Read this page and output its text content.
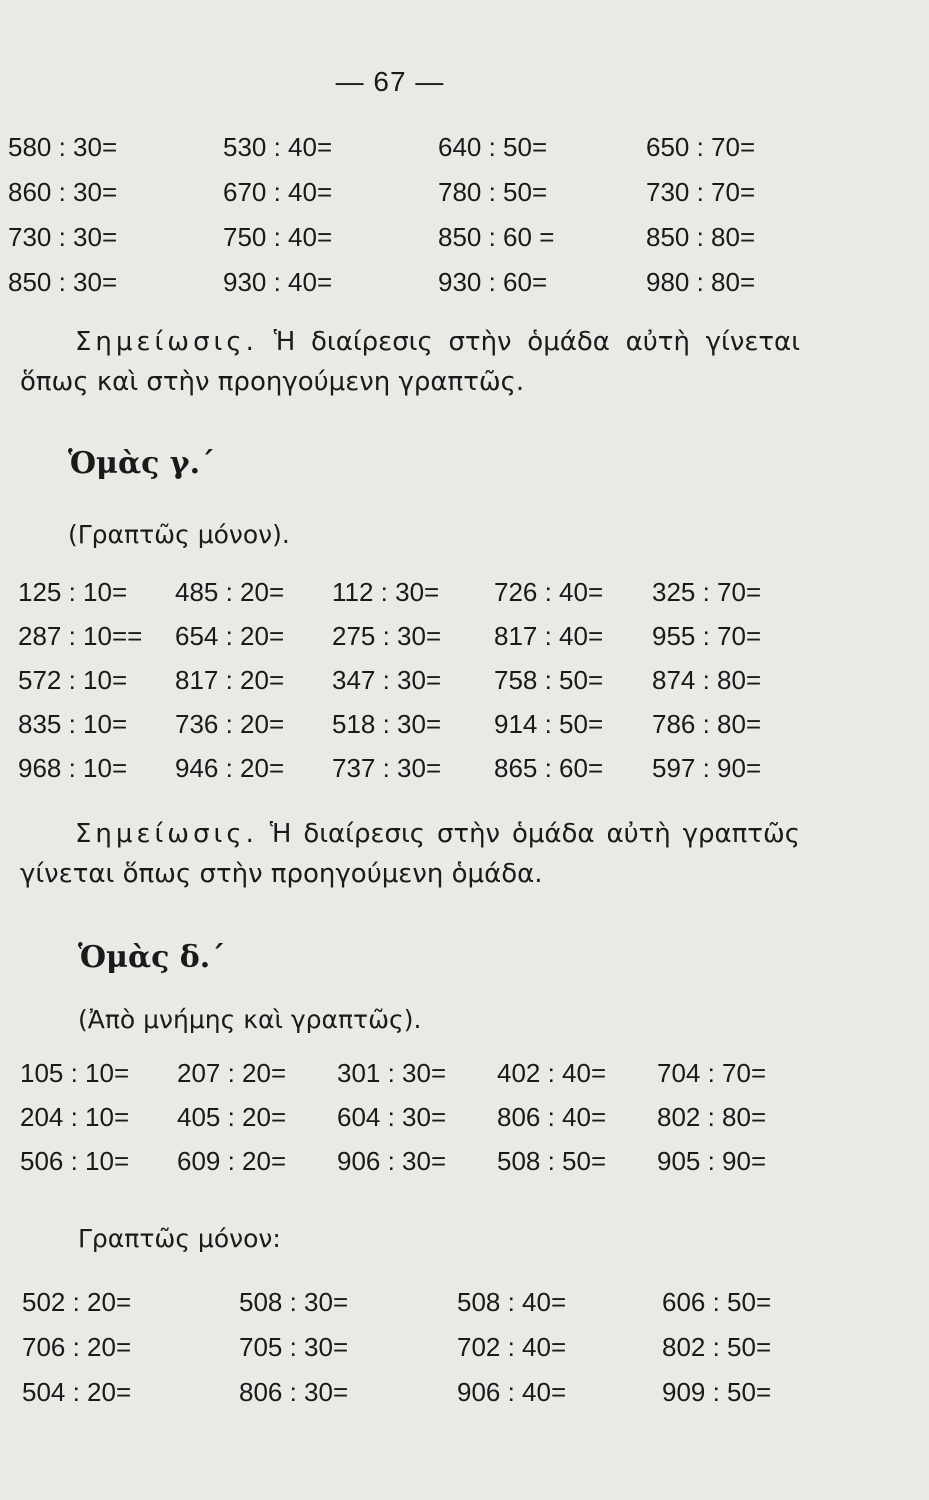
— 67 —
580 : 30=	530 : 40=	640 : 50=	650 : 70=
860 : 30=	670 : 40=	780 : 50=	730 : 70=
730 : 30=	750 : 40=	850 : 60 =	850 : 80=
850 : 30=	930 : 40=	930 : 60=	980 : 80=
Σημείωσις. Ἡ διαίρεσις στὴν ὁμάδα αὐτὴ γίνεται ὅπως καὶ στὴν προηγούμενη γραπτῶς.
Ὁμὰς γ.΄
(Γραπτῶς μόνον).
125 : 10=	485 : 20=	112 : 30=	726 : 40=	325 : 70=
287 : 10==	654 : 20=	275 : 30=	817 : 40=	955 : 70=
572 : 10=	817 : 20=	347 : 30=	758 : 50=	874 : 80=
835 : 10=	736 : 20=	518 : 30=	914 : 50=	786 : 80=
968 : 10=	946 : 20=	737 : 30=	865 : 60=	597 : 90=
Σημείωσις. Ἡ διαίρεσις στὴν ὁμάδα αὐτὴ γραπτῶς γίνεται ὅπως στὴν προηγούμενη ὁμάδα.
Ὁμὰς δ.΄
(Ἀπὸ μνήμης καὶ γραπτῶς).
105 : 10=	207 : 20=	301 : 30=	402 : 40=	704 : 70=
204 : 10=	405 : 20=	604 : 30=	806 : 40=	802 : 80=
506 : 10=	609 : 20=	906 : 30=	508 : 50=	905 : 90=
Γραπτῶς μόνον:
502 : 20=	508 : 30=	508 : 40=	606 : 50=
706 : 20=	705 : 30=	702 : 40=	802 : 50=
504 : 20=	806 : 30=	906 : 40=	909 : 50=
